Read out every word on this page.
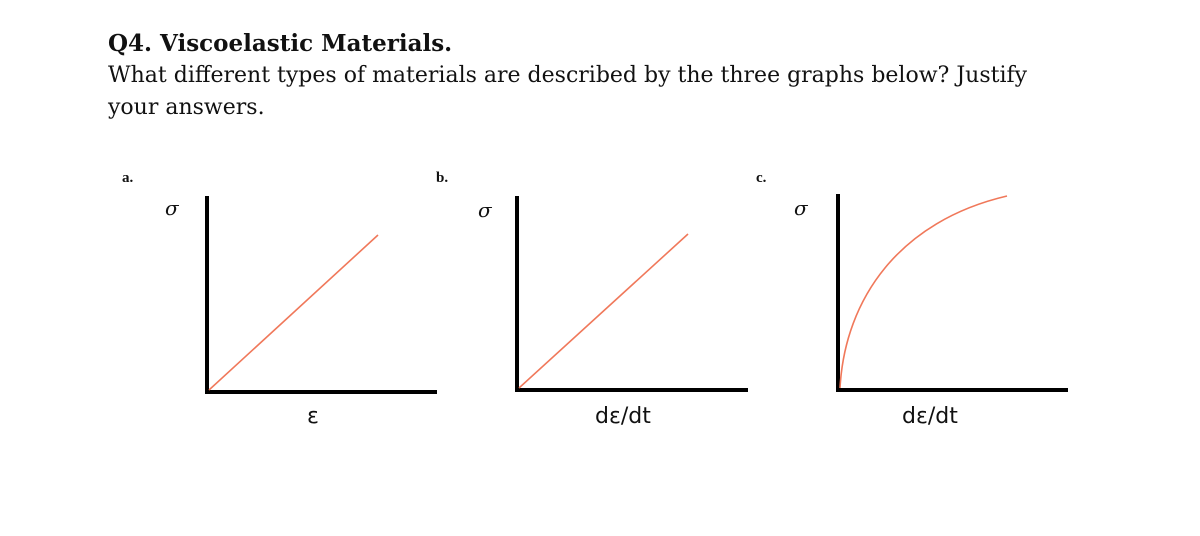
Q4. Viscoelastic Materials.

What different types of materials are described by the three graphs below? Justify your answers.

a.
σ
ε
b.
σ
dε/dt
c.
σ
dε/dt
